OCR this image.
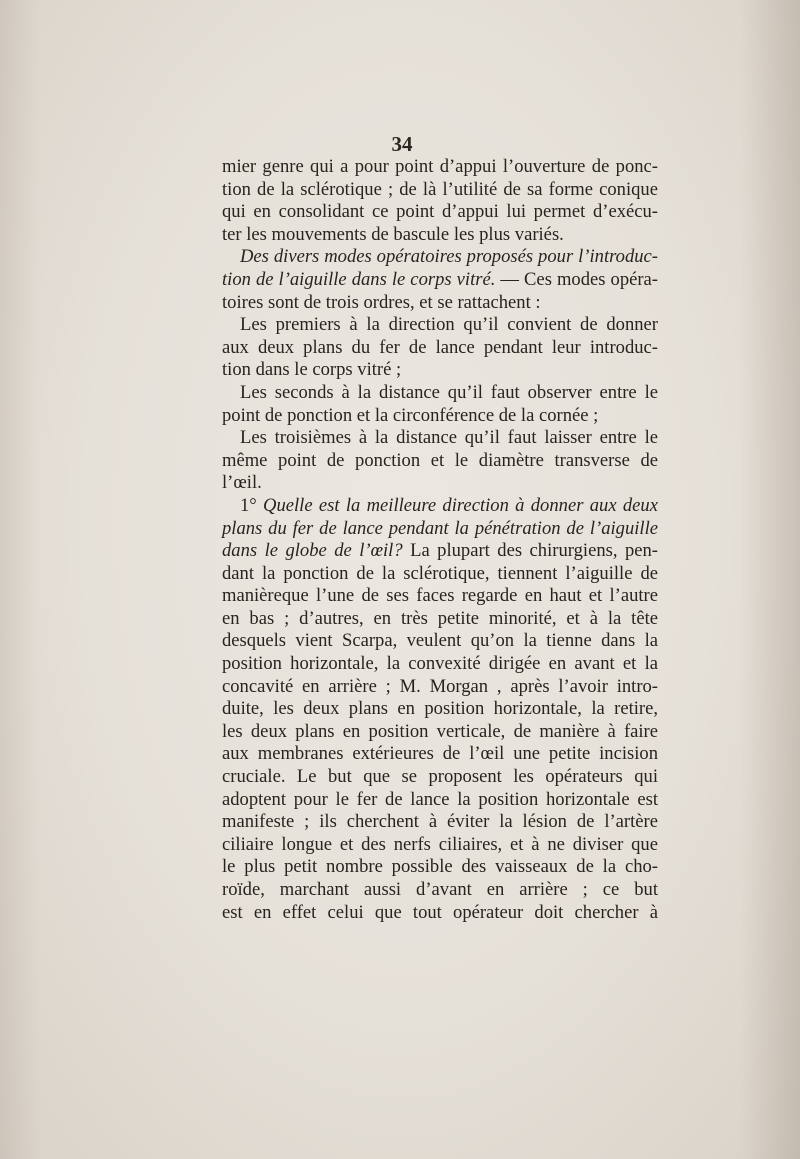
34
mier genre qui a pour point d’appui l’ouverture de ponc-
tion de la sclérotique ; de là l’utilité de sa forme conique
qui en consolidant ce point d’appui lui permet d’exécu-
ter les mouvements de bascule les plus variés.
Des divers modes opératoires proposés pour l’introduc-
tion de l’aiguille dans le corps vitré. — Ces modes opéra-
toires sont de trois ordres, et se rattachent :
Les premiers à la direction qu’il convient de donner
aux deux plans du fer de lance pendant leur introduc-
tion dans le corps vitré ;
Les seconds à la distance qu’il faut observer entre le
point de ponction et la circonférence de la cornée ;
Les troisièmes à la distance qu’il faut laisser entre le
même point de ponction et le diamètre transverse de
l’œil.
1° Quelle est la meilleure direction à donner aux deux
plans du fer de lance pendant la pénétration de l’aiguille
dans le globe de l’œil? La plupart des chirurgiens, pen-
dant la ponction de la sclérotique, tiennent l’aiguille de
manièreque l’une de ses faces regarde en haut et l’autre
en bas ; d’autres, en très petite minorité, et à la tête
desquels vient Scarpa, veulent qu’on la tienne dans la
position horizontale, la convexité dirigée en avant et la
concavité en arrière ; M. Morgan , après l’avoir intro-
duite, les deux plans en position horizontale, la retire,
les deux plans en position verticale, de manière à faire
aux membranes extérieures de l’œil une petite incision
cruciale. Le but que se proposent les opérateurs qui
adoptent pour le fer de lance la position horizontale est
manifeste ; ils cherchent à éviter la lésion de l’artère
ciliaire longue et des nerfs ciliaires, et à ne diviser que
le plus petit nombre possible des vaisseaux de la cho-
roïde, marchant aussi d’avant en arrière ; ce but
est en effet celui que tout opérateur doit chercher à
